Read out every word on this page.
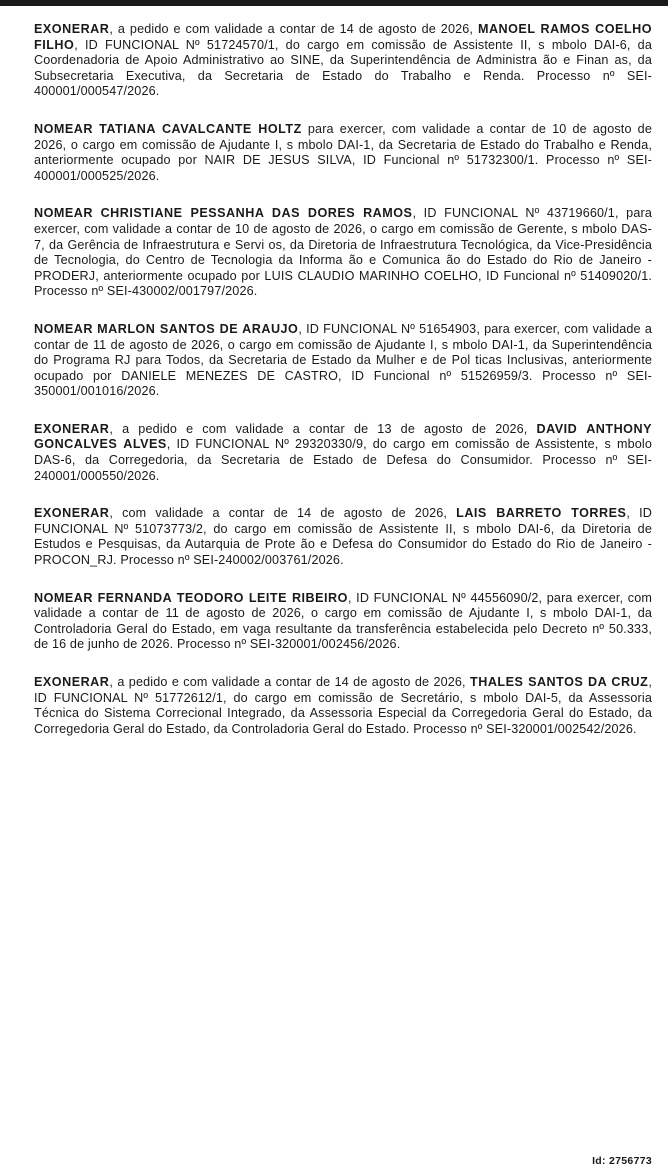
EXONERAR, a pedido e com validade a contar de 14 de agosto de 2026, MANOEL RAMOS COELHO FILHO, ID FUNCIONAL Nº 51724570/1, do cargo em comissão de Assistente II, s mbolo DAI-6, da Coordenadoria de Apoio Administrativo ao SINE, da Superintendência de Administra ão e Finan as, da Subsecretaria Executiva, da Secretaria de Estado do Trabalho e Renda. Processo nº SEI-400001/000547/2026.

NOMEAR TATIANA CAVALCANTE HOLTZ para exercer, com validade a contar de 10 de agosto de 2026, o cargo em comissão de Ajudante I, s mbolo DAI-1, da Secretaria de Estado do Trabalho e Renda, anteriormente ocupado por NAIR DE JESUS SILVA, ID Funcional nº 51732300/1. Processo nº SEI-400001/000525/2026.

NOMEAR CHRISTIANE PESSANHA DAS DORES RAMOS, ID FUNCIONAL Nº 43719660/1, para exercer, com validade a contar de 10 de agosto de 2026, o cargo em comissão de Gerente, s mbolo DAS-7, da Gerência de Infraestrutura e Servi os, da Diretoria de Infraestrutura Tecnológica, da Vice-Presidência de Tecnologia, do Centro de Tecnologia da Informa ão e Comunica ão do Estado do Rio de Janeiro - PRODERJ, anteriormente ocupado por LUIS CLAUDIO MARINHO COELHO, ID Funcional nº 51409020/1. Processo nº SEI-430002/001797/2026.

NOMEAR MARLON SANTOS DE ARAUJO, ID FUNCIONAL Nº 51654903, para exercer, com validade a contar de 11 de agosto de 2026, o cargo em comissão de Ajudante I, s mbolo DAI-1, da Superintendência do Programa RJ para Todos, da Secretaria de Estado da Mulher e de Pol ticas Inclusivas, anteriormente ocupado por DANIELE MENEZES DE CASTRO, ID Funcional nº 51526959/3. Processo nº SEI-350001/001016/2026.

EXONERAR, a pedido e com validade a contar de 13 de agosto de 2026, DAVID ANTHONY GONCALVES ALVES, ID FUNCIONAL Nº 29320330/9, do cargo em comissão de Assistente, s mbolo DAS-6, da Corregedoria, da Secretaria de Estado de Defesa do Consumidor. Processo nº SEI-240001/000550/2026.

EXONERAR, com validade a contar de 14 de agosto de 2026, LAIS BARRETO TORRES, ID FUNCIONAL Nº 51073773/2, do cargo em comissão de Assistente II, s mbolo DAI-6, da Diretoria de Estudos e Pesquisas, da Autarquia de Prote ão e Defesa do Consumidor do Estado do Rio de Janeiro - PROCON_RJ. Processo nº SEI-240002/003761/2026.

NOMEAR FERNANDA TEODORO LEITE RIBEIRO, ID FUNCIONAL Nº 44556090/2, para exercer, com validade a contar de 11 de agosto de 2026, o cargo em comissão de Ajudante I, s mbolo DAI-1, da Controladoria Geral do Estado, em vaga resultante da transferência estabelecida pelo Decreto nº 50.333, de 16 de junho de 2026. Processo nº SEI-320001/002456/2026.

EXONERAR, a pedido e com validade a contar de 14 de agosto de 2026, THALES SANTOS DA CRUZ, ID FUNCIONAL Nº 51772612/1, do cargo em comissão de Secretário, s mbolo DAI-5, da Assessoria Técnica do Sistema Correcional Integrado, da Assessoria Especial da Corregedoria Geral do Estado, da Corregedoria Geral do Estado, da Controladoria Geral do Estado. Processo nº SEI-320001/002542/2026.

Id: 2756773
